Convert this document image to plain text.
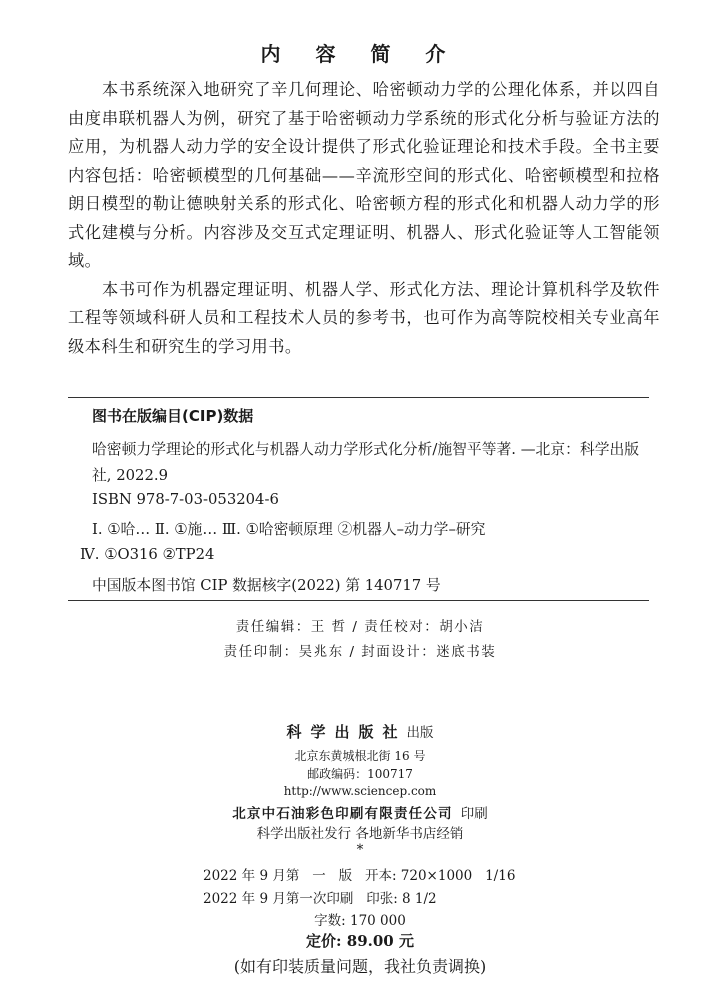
内 容 简 介

本书系统深入地研究了辛几何理论、哈密顿动力学的公理化体系，并以四自由度串联机器人为例，研究了基于哈密顿动力学系统的形式化分析与验证方法的应用，为机器人动力学的安全设计提供了形式化验证理论和技术手段。全书主要内容包括：哈密顿模型的几何基础——辛流形空间的形式化、哈密顿模型和拉格朗日模型的勒让德映射关系的形式化、哈密顿方程的形式化和机器人动力学的形式化建模与分析。内容涉及交互式定理证明、机器人、形式化验证等人工智能领域。

本书可作为机器定理证明、机器人学、形式化方法、理论计算机科学及软件工程等领域科研人员和工程技术人员的参考书，也可作为高等院校相关专业高年级本科生和研究生的学习用书。

图书在版编目(CIP)数据
哈密顿力学理论的形式化与机器人动力学形式化分析/施智平等著. —北京：科学出版社, 2022.9
ISBN 978-7-03-053204-6
Ⅰ. ①哈… Ⅱ. ①施… Ⅲ. ①哈密顿原理 ②机器人–动力学–研究
Ⅳ. ①O316 ②TP24
中国版本图书馆 CIP 数据核字(2022) 第 140717 号
责任编辑：王 哲 / 责任校对：胡小洁
责任印制：吴兆东 / 封面设计：迷底书装
科学出版社出版
北京东黄城根北街 16 号
邮政编码：100717
http://www.sciencep.com
北京中石油彩色印刷有限责任公司 印刷
科学出版社发行 各地新华书店经销
*
2022 年 9 月第   一   版   开本: 720×1000   1/16
2022 年 9 月第一次印刷   印张: 8 1/2
字数: 170 000
定价: 89.00 元
(如有印装质量问题，我社负责调换)
